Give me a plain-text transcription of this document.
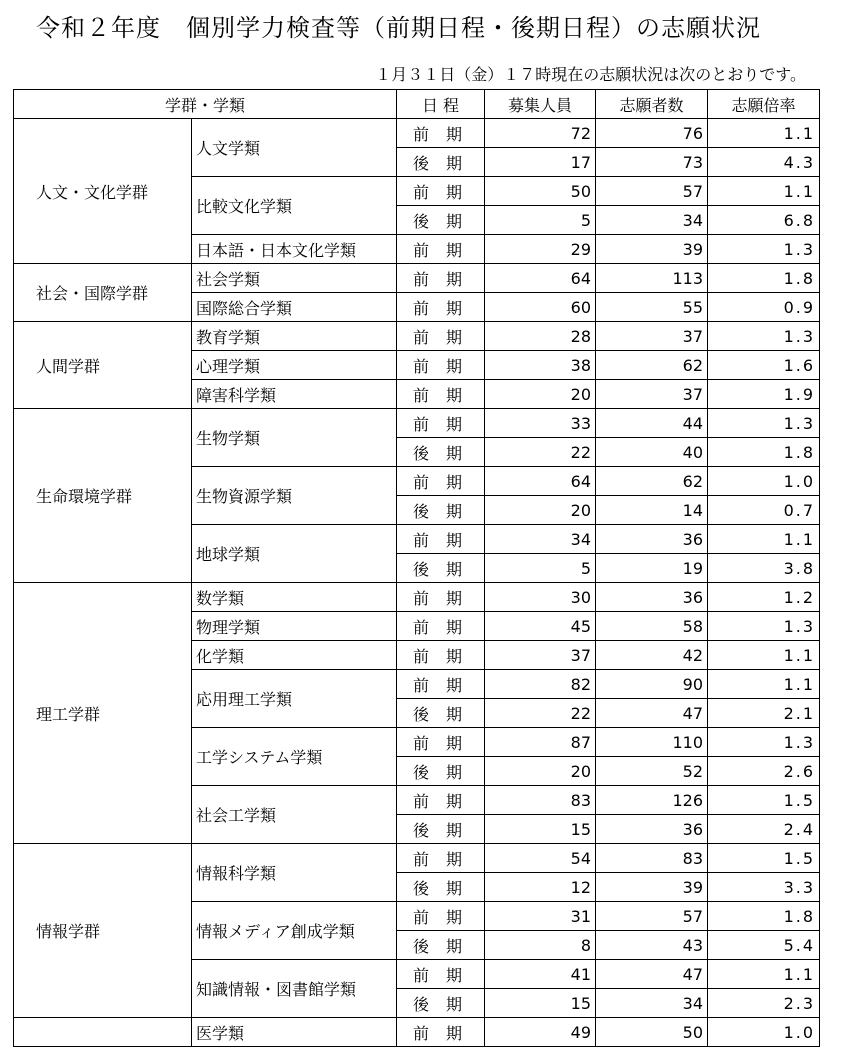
令和２年度　個別学力検査等（前期日程・後期日程）の志願状況
１月３１日（金）１７時現在の志願状況は次のとおりです。
学群・学類		日 程	募集人員	志願者数	志願倍率
人文・文化学群	人文学類	前 期	72	76	1.1
		後 期	17	73	4.3
	比較文化学類	前 期	50	57	1.1
		後 期	5	34	6.8
	日本語・日本文化学類	前 期	29	39	1.3
社会・国際学群	社会学類	前 期	64	113	1.8
	国際総合学類	前 期	60	55	0.9
人間学群	教育学類	前 期	28	37	1.3
	心理学類	前 期	38	62	1.6
	障害科学類	前 期	20	37	1.9
生命環境学群	生物学類	前 期	33	44	1.3
		後 期	22	40	1.8
	生物資源学類	前 期	64	62	1.0
		後 期	20	14	0.7
	地球学類	前 期	34	36	1.1
		後 期	5	19	3.8
理工学群	数学類	前 期	30	36	1.2
	物理学類	前 期	45	58	1.3
	化学類	前 期	37	42	1.1
	応用理工学類	前 期	82	90	1.1
		後 期	22	47	2.1
	工学システム学類	前 期	87	110	1.3
		後 期	20	52	2.6
	社会工学類	前 期	83	126	1.5
		後 期	15	36	2.4
情報学群	情報科学類	前 期	54	83	1.5
		後 期	12	39	3.3
	情報メディア創成学類	前 期	31	57	1.8
		後 期	8	43	5.4
	知識情報・図書館学類	前 期	41	47	1.1
		後 期	15	34	2.3
	医学類	前 期	49	50	1.0
